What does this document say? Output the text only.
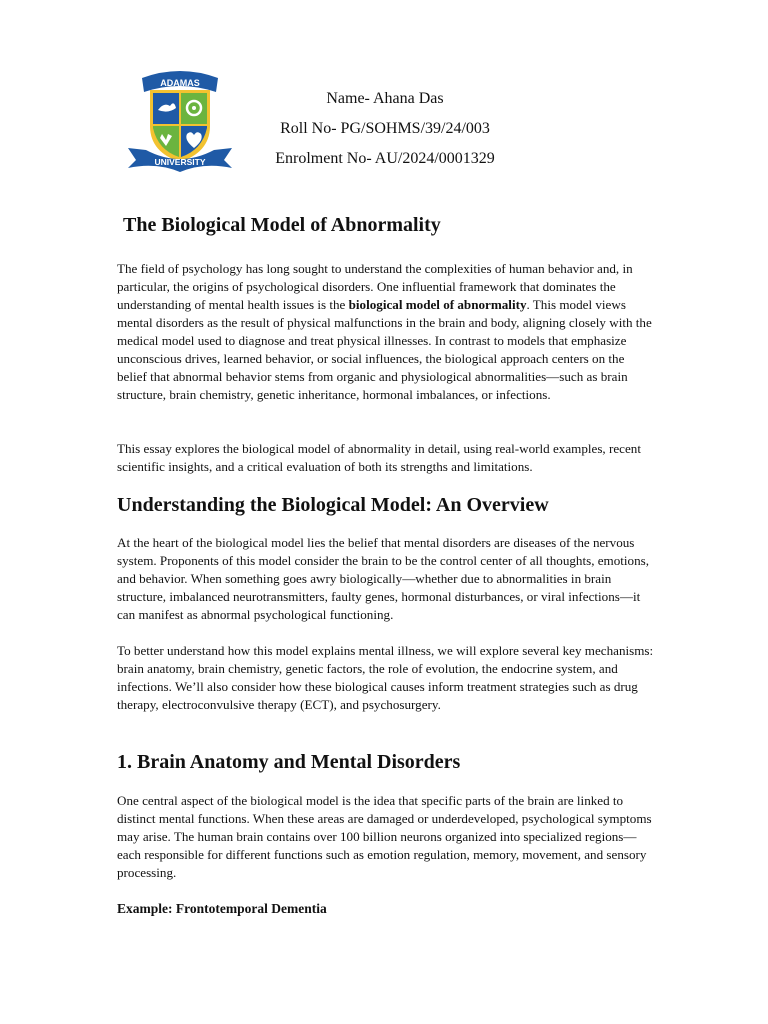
ADAMAS
UNIVERSITY

Name- Ahana Das

Roll No- PG/SOHMS/39/24/003

Enrolment No- AU/2024/0001329

The Biological Model of Abnormality

The field of psychology has long sought to understand the complexities of human behavior and, in particular, the origins of psychological disorders. One influential framework that dominates the understanding of mental health issues is the biological model of abnormality. This model views mental disorders as the result of physical malfunctions in the brain and body, aligning closely with the medical model used to diagnose and treat physical illnesses. In contrast to models that emphasize unconscious drives, learned behavior, or social influences, the biological approach centers on the belief that abnormal behavior stems from organic and physiological abnormalities—such as brain structure, brain chemistry, genetic inheritance, hormonal imbalances, or infections.

This essay explores the biological model of abnormality in detail, using real-world examples, recent scientific insights, and a critical evaluation of both its strengths and limitations.

Understanding the Biological Model: An Overview

At the heart of the biological model lies the belief that mental disorders are diseases of the nervous system. Proponents of this model consider the brain to be the control center of all thoughts, emotions, and behavior. When something goes awry biologically—whether due to abnormalities in brain structure, imbalanced neurotransmitters, faulty genes, hormonal disturbances, or viral infections—it can manifest as abnormal psychological functioning.

To better understand how this model explains mental illness, we will explore several key mechanisms: brain anatomy, brain chemistry, genetic factors, the role of evolution, the endocrine system, and infections. We’ll also consider how these biological causes inform treatment strategies such as drug therapy, electroconvulsive therapy (ECT), and psychosurgery.

1. Brain Anatomy and Mental Disorders

One central aspect of the biological model is the idea that specific parts of the brain are linked to distinct mental functions. When these areas are damaged or underdeveloped, psychological symptoms may arise. The human brain contains over 100 billion neurons organized into specialized regions—each responsible for different functions such as emotion regulation, memory, movement, and sensory processing.

Example: Frontotemporal Dementia
